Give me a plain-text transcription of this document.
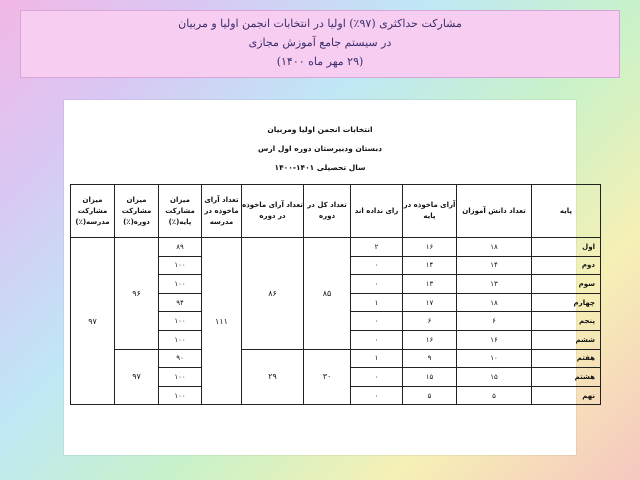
مشارکت حداکثری (۹۷٪) اولیا در انتخابات انجمن اولیا و مربیان
در سیستم جامع آموزش مجازی
(۲۹ مهر ماه ۱۴۰۰)
انتخابات انجمن اولیا ومربیان
دبستان ودبیرستان دوره اول ارس
سال تحصیلی ۱۴۰۱-۱۴۰۰
پایه	تعداد دانش آموزان	آرای ماخوذه در پایه	رای نداده اند	تعداد کل در دوره	تعداد آرای ماخوذه در دوره	تعداد آرای ماخوذه در مدرسه	میزان مشارکت پایه(٪)	میزان مشارکت دوره(٪)	میزان مشارکت مدرسه(٪)
اول	۱۸	۱۶	۲	۸۵	۸۶	۱۱۱	۸۹	۹۶	۹۷
دوم	۱۴	۱۴	۰				۱۰۰		
سوم	۱۳	۱۳	۰				۱۰۰		
چهارم	۱۸	۱۷	۱				۹۴		
پنجم	۶	۶	۰				۱۰۰		
ششم	۱۶	۱۶	۰				۱۰۰		
هفتم	۱۰	۹	۱	۳۰	۲۹		۹۰	۹۷	
هشتم	۱۵	۱۵	۰				۱۰۰		
نهم	۵	۵	۰				۱۰۰		
